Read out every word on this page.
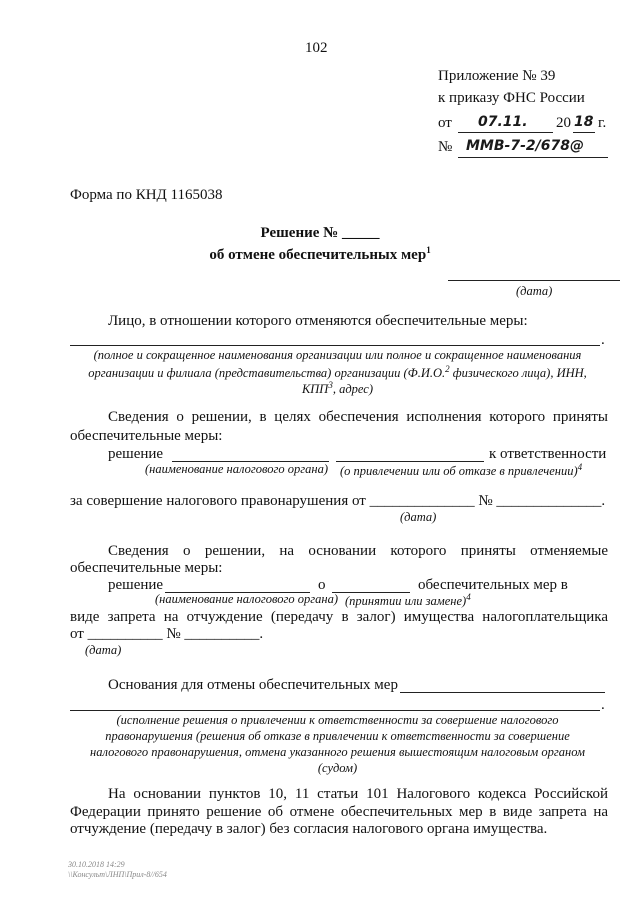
102
Приложение № 39
к приказу ФНС России
от 07.11. 20 18 г.
№ ММВ-7-2/678@
Форма по КНД 1165038
Решение № _____
об отмене обеспечительных мер$^1$
(дата)
Лицо, в отношении которого отменяются обеспечительные меры:
.
(полное и сокращенное наименования организации или полное и сокращенное наименования
организации и филиала (представительства) организации (Ф.И.О.$^2$ физического лица), ИНН,
КПП$^3$, адрес)
Сведения о решении, в целях обеспечения исполнения которого приняты
обеспечительные меры:
решение	к ответственности
(наименование налогового органа) (о привлечении или об отказе в привлечении)$^4$
за совершение налогового правонарушения от ______________ № ______________.
(дата)
Сведения о решении, на основании которого приняты отменяемые
обеспечительные меры:
решение	о	обеспечительных мер в
(наименование налогового органа) (принятии или замене)$^4$
виде запрета на отчуждение (передачу в залог) имущества налогоплательщика
от __________ № __________.
(дата)
Основания для отмены обеспечительных мер
.
(исполнение решения о привлечении к ответственности за совершение налогового
правонарушения (решения об отказе в привлечении к ответственности за совершение
налогового правонарушения, отмена указанного решения вышестоящим налоговым органом
(судом)
На основании пунктов 10, 11 статьи 101 Налогового кодекса Российской
Федерации принято решение об отмене обеспечительных мер в виде запрета на
отчуждение (передачу в залог) без согласия налогового органа имущества.
30.10.2018 14:29
\\Консульт\ЛНП\Прил-8//654
